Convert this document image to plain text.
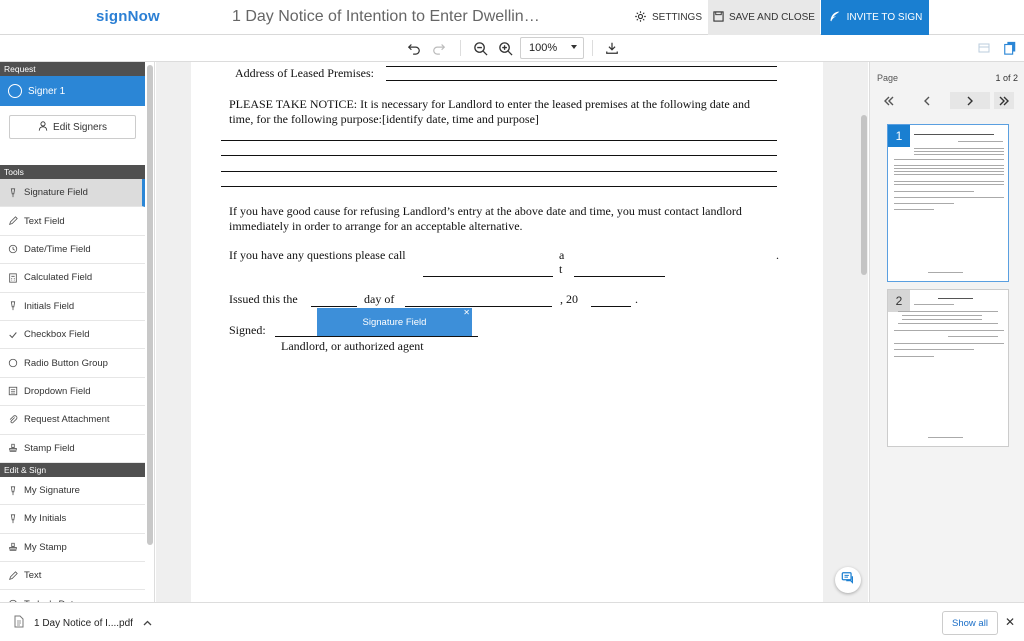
signNow	1 Day Notice of Intention to Enter Dwellin…	SETTINGS	SAVE AND CLOSE	INVITE TO SIGN
100%
Request
Signer 1
Edit Signers
Tools
Signature Field
Text Field
Date/Time Field
Calculated Field
Initials Field
Checkbox Field
Radio Button Group
Dropdown Field
Request Attachment
Stamp Field
Edit & Sign
My Signature
My Initials
My Stamp
Text
Address of Leased Premises:
PLEASE TAKE NOTICE: It is necessary for Landlord to enter the leased premises at the following date and
time, for the following purpose:[identify date, time and purpose]
If you have good cause for refusing Landlord’s entry at the above date and time, you must contact landlord
immediately in order to arrange for an acceptable alternative.
If you have any questions please call	a	.
t
Issued this the	day of	, 20	.
Signed:
Signature Field
✕
Landlord, or authorized agent
Page	1 of 2
1
2
1 Day Notice of I....pdf	Show all	✕
